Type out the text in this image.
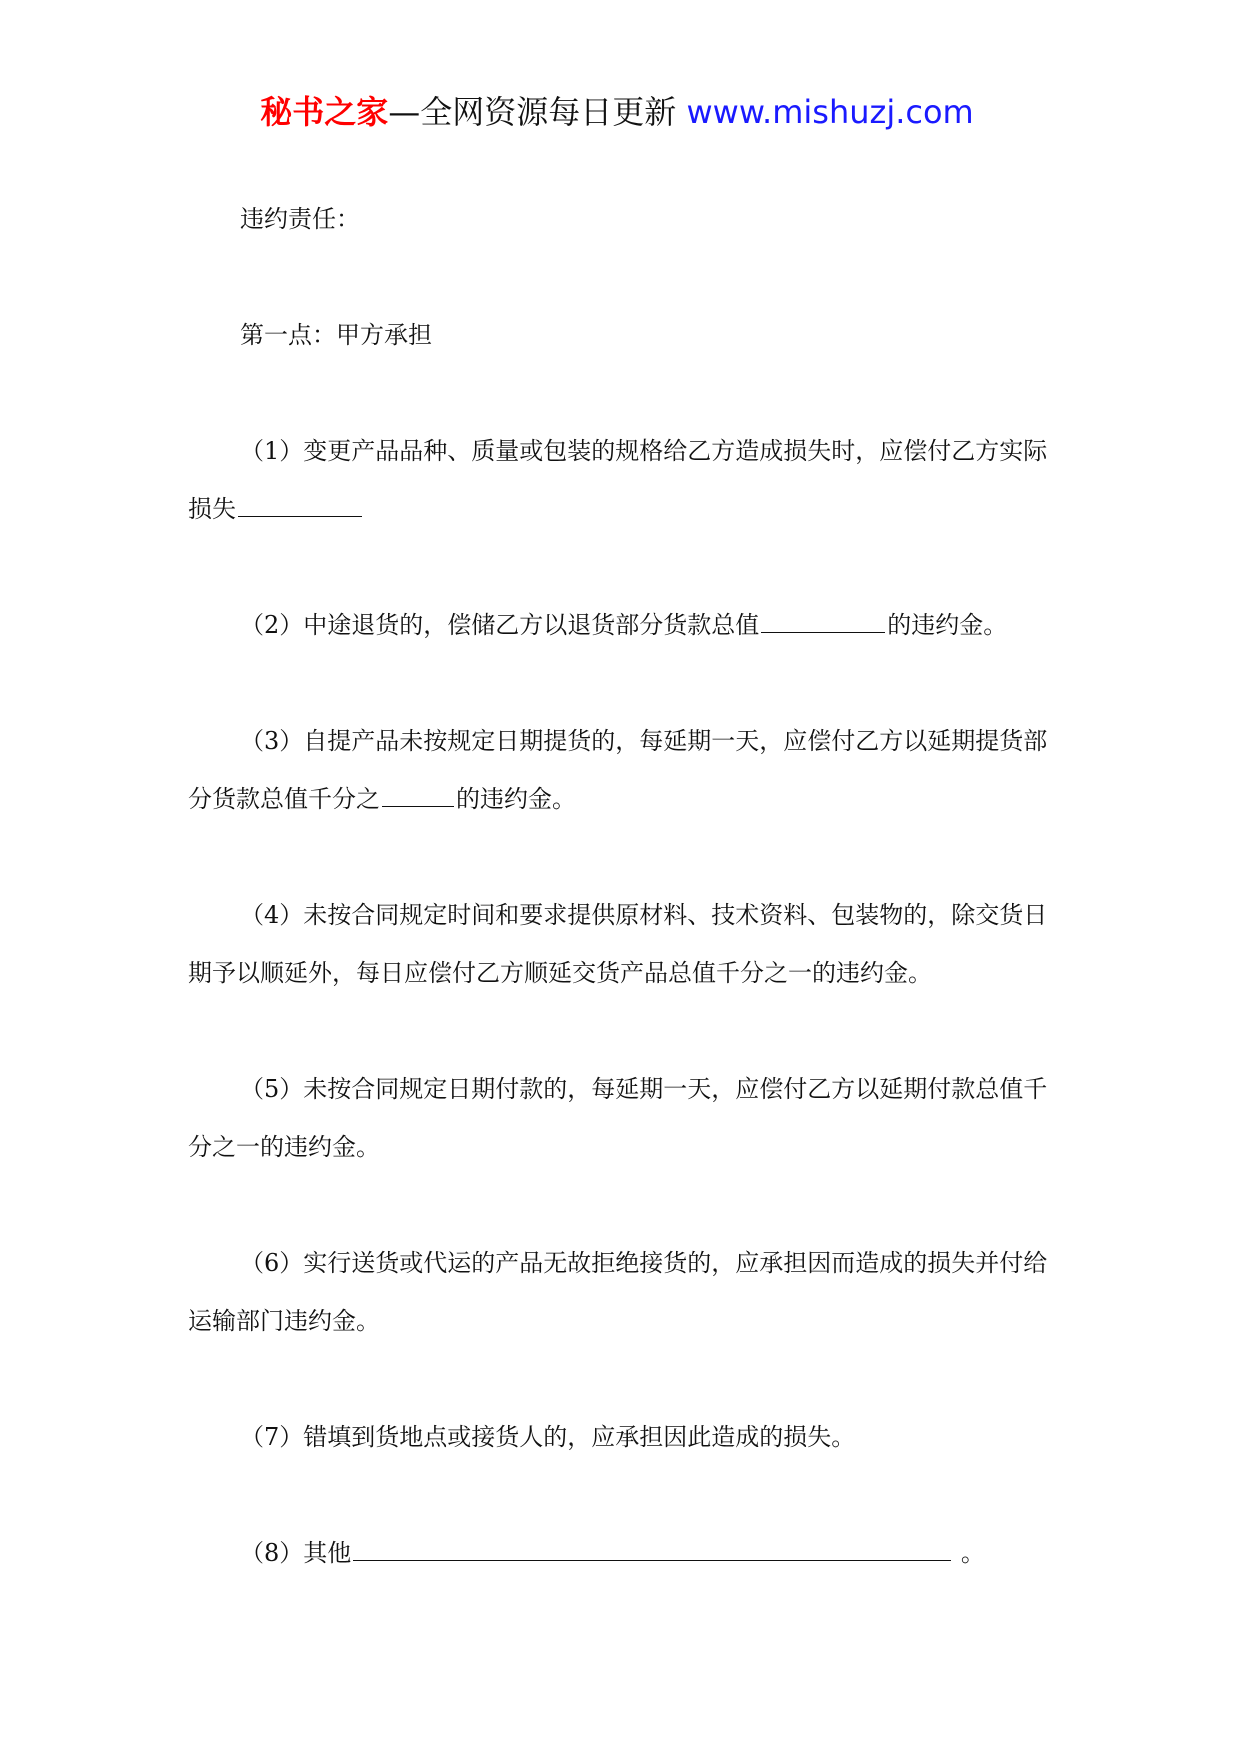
秘书之家—全网资源每日更新 www.mishuzj.com

违约责任：

第一点：甲方承担

（1）变更产品品种、质量或包装的规格给乙方造成损失时，应偿付乙方实际损失

（2）中途退货的，偿储乙方以退货部分货款总值	的违约金。

（3）自提产品未按规定日期提货的，每延期一天，应偿付乙方以延期提货部分货款总值千分之	的违约金。

（4）未按合同规定时间和要求提供原材料、技术资料、包装物的，除交货日期予以顺延外，每日应偿付乙方顺延交货产品总值千分之一的违约金。

（5）未按合同规定日期付款的，每延期一天，应偿付乙方以延期付款总值千分之一的违约金。

（6）实行送货或代运的产品无故拒绝接货的，应承担因而造成的损失并付给运输部门违约金。

（7）错填到货地点或接货人的，应承担因此造成的损失。

（8）其他	。
